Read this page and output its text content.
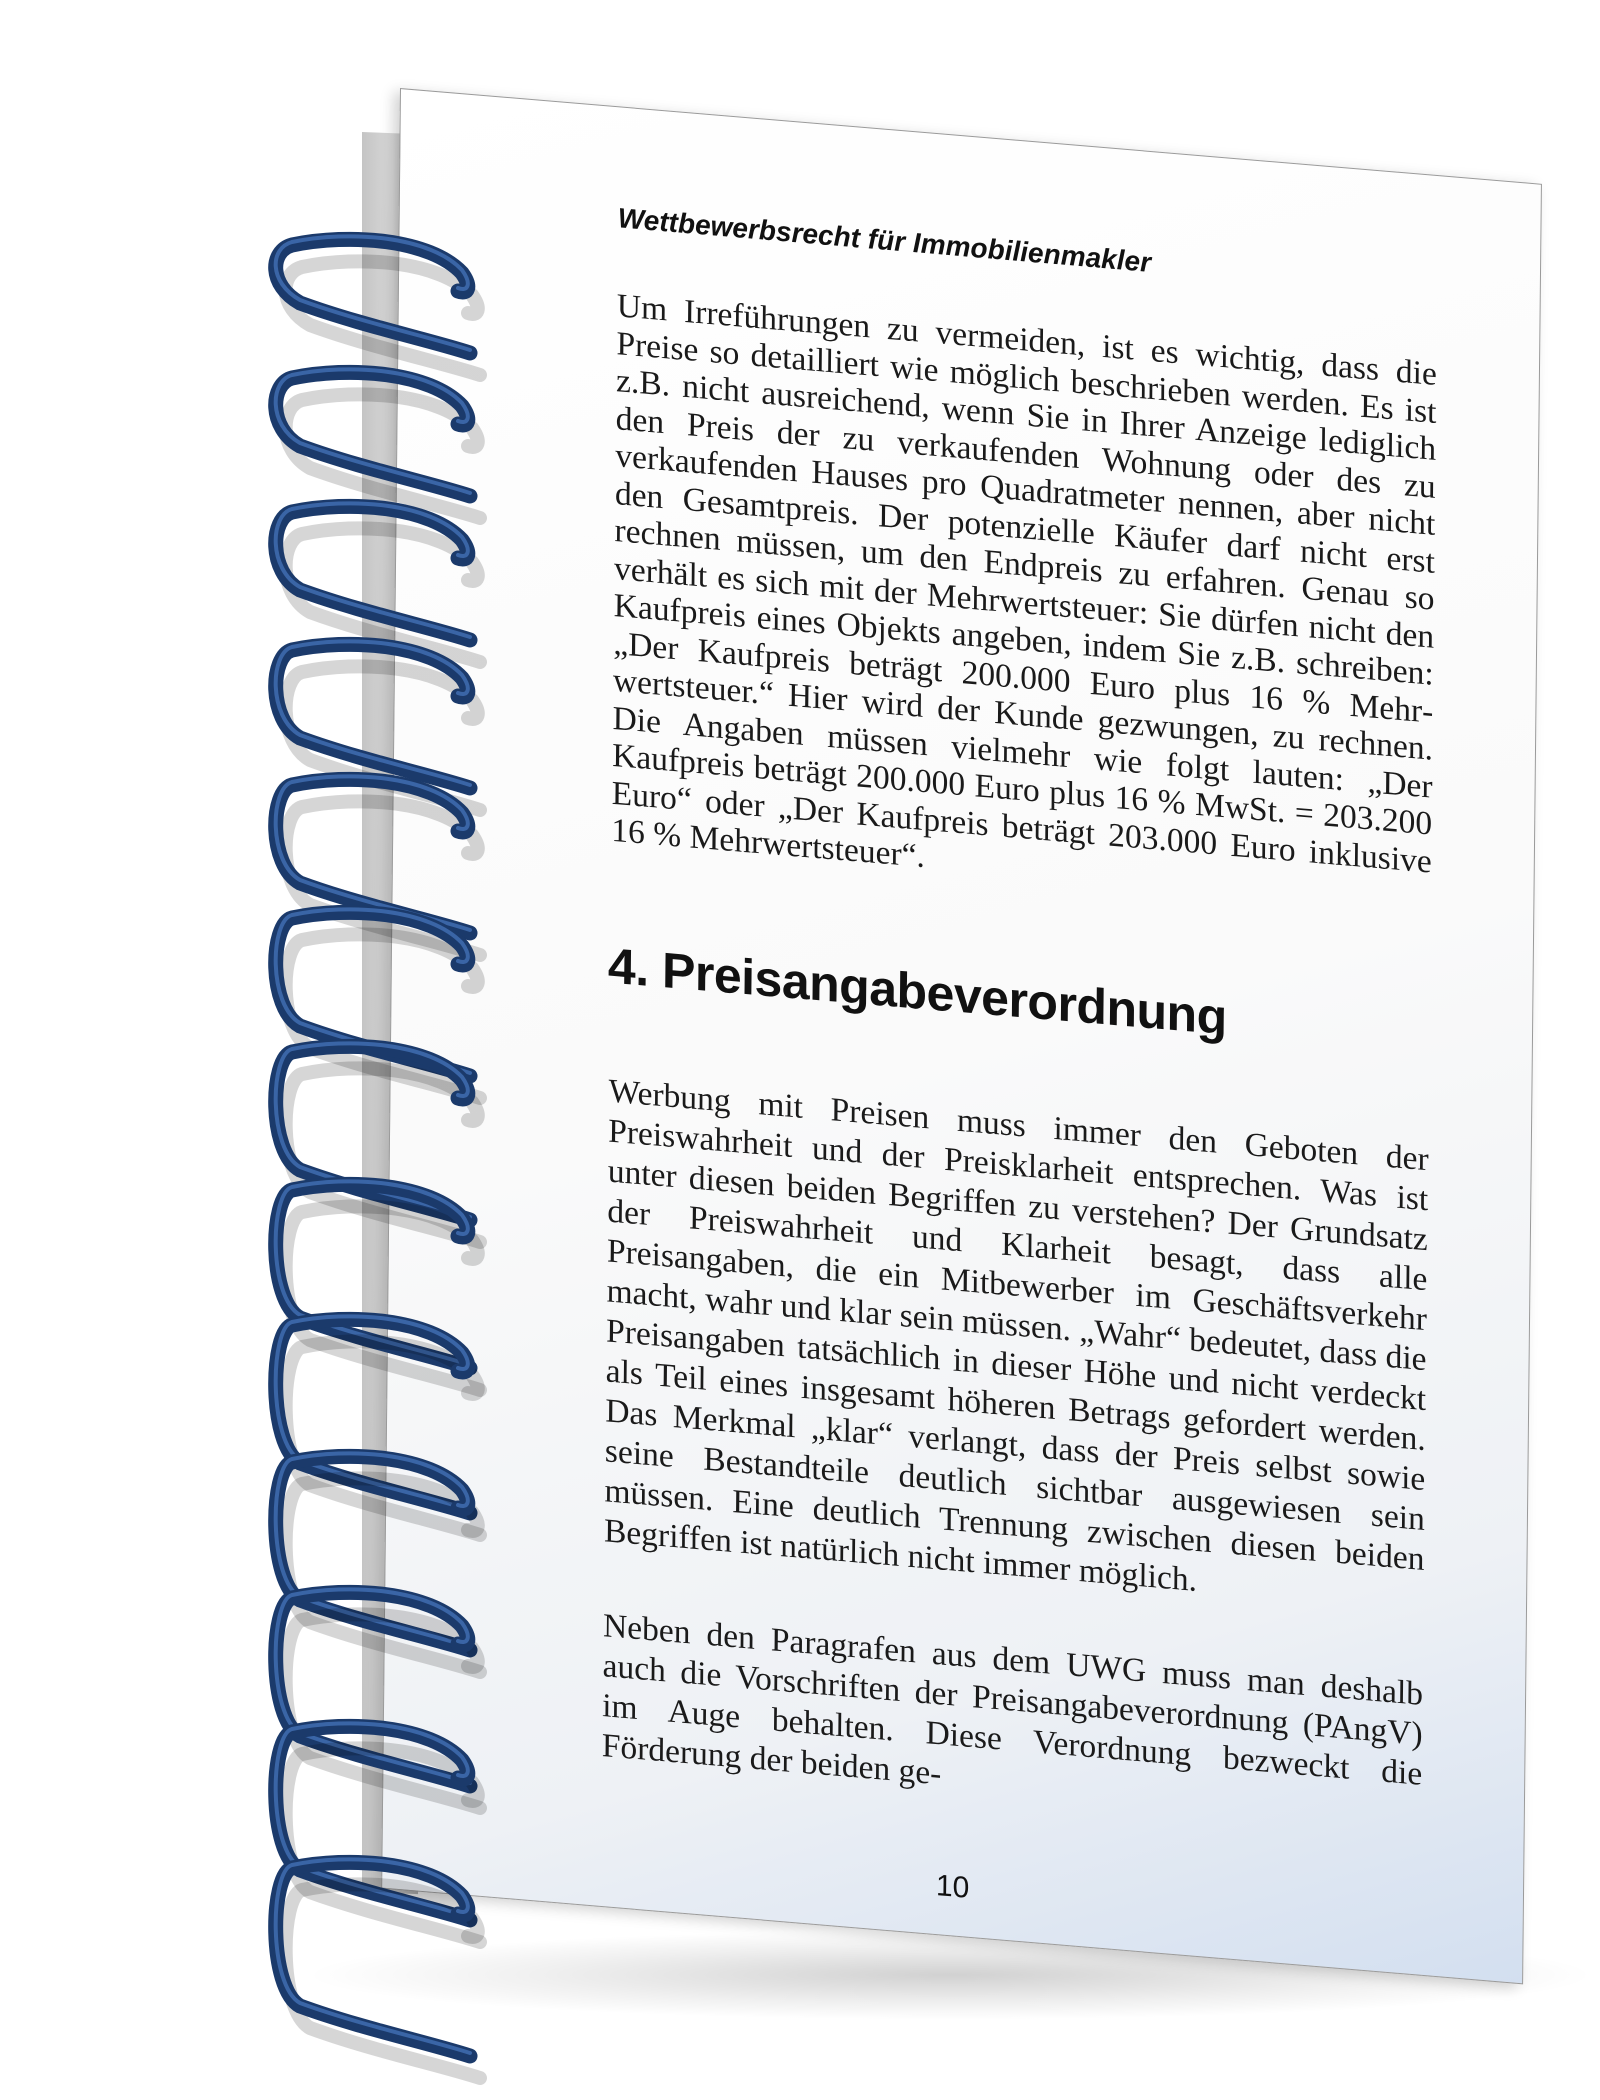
Wettbewerbsrecht für Immobilienmakler
Um Irreführungen zu vermeiden, ist es wichtig, dass die Preise so detailliert wie möglich beschrieben werden. Es ist z.B. nicht ausreichend, wenn Sie in Ihrer Anzeige lediglich den Preis der zu verkaufenden Wohnung oder des zu verkaufenden Hauses pro Quadratmeter nennen, aber nicht den Gesamtpreis. Der potenzielle Käufer darf nicht erst rechnen müssen, um den Endpreis zu erfahren. Genau so verhält es sich mit der Mehrwertsteuer: Sie dürfen nicht den Kaufpreis eines Objekts angeben, indem Sie z.B. schreiben: „Der Kaufpreis beträgt 200.000 Euro plus 16 % Mehrwertsteuer.“ Hier wird der Kunde gezwungen, zu rechnen. Die Angaben müssen vielmehr wie folgt lauten: „Der Kaufpreis beträgt 200.000 Euro plus 16 % MwSt. = 203.200 Euro“ oder „Der Kaufpreis beträgt 203.000 Euro inklusive 16 % Mehrwertsteuer“.
4. Preisangabeverordnung
Werbung mit Preisen muss immer den Geboten der Preiswahrheit und der Preisklarheit entsprechen. Was ist unter diesen beiden Begriffen zu verstehen? Der Grundsatz der Preiswahrheit und Klarheit besagt, dass alle Preisangaben, die ein Mitbewerber im Geschäftsverkehr macht, wahr und klar sein müssen. „Wahr“ bedeutet, dass die Preisangaben tatsächlich in dieser Höhe und nicht verdeckt als Teil eines insgesamt höheren Betrags gefordert werden. Das Merkmal „klar“ verlangt, dass der Preis selbst sowie seine Bestandteile deutlich sichtbar ausgewiesen sein müssen. Eine deutlich Trennung zwischen diesen beiden Begriffen ist natürlich nicht immer möglich.
Neben den Paragrafen aus dem UWG muss man deshalb auch die Vorschriften der Preisangabeverordnung (PAngV) im Auge behalten. Diese Verordnung bezweckt die Förderung der beiden ge-
10
